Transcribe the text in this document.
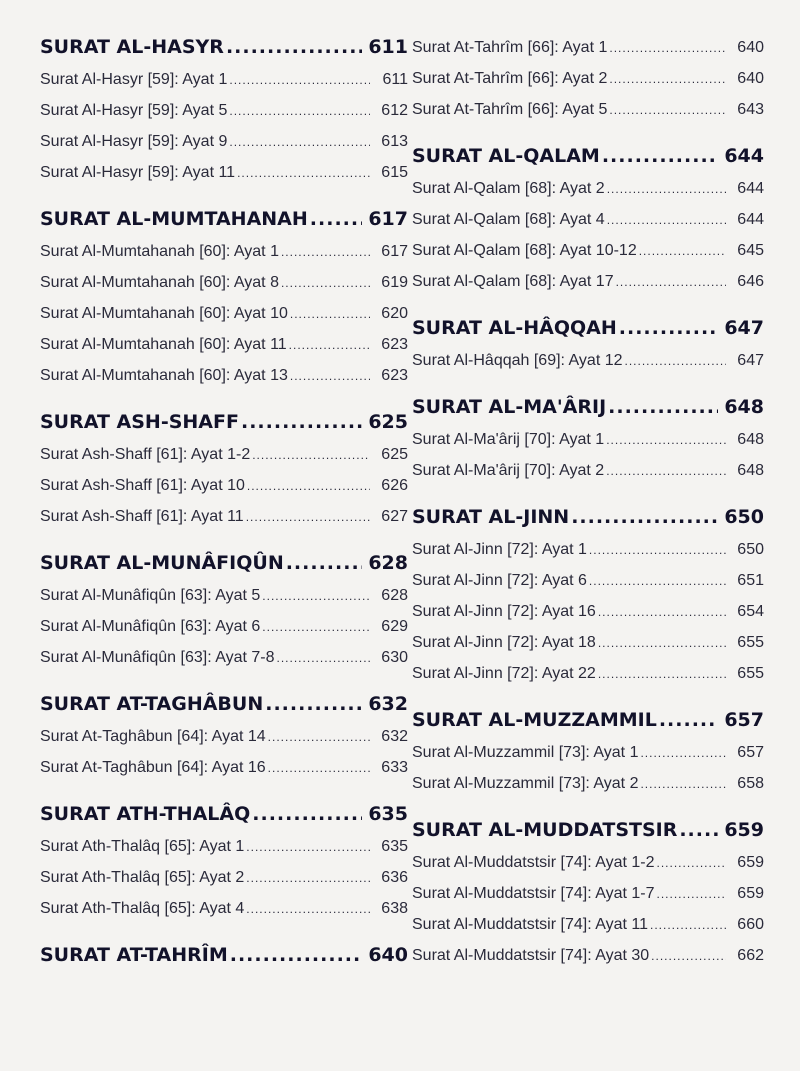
SURAT AL-HASYR .....	611
Surat Al-Hasyr [59]: Ayat 1 .....	611
Surat Al-Hasyr [59]: Ayat 5 .....	612
Surat Al-Hasyr [59]: Ayat 9 .....	613
Surat Al-Hasyr [59]: Ayat 11 .....	615
SURAT AL-MUMTAHANAH .....	617
Surat Al-Mumtahanah [60]: Ayat 1 .....	617
Surat Al-Mumtahanah [60]: Ayat 8 .....	619
Surat Al-Mumtahanah [60]: Ayat 10 .....	620
Surat Al-Mumtahanah [60]: Ayat 11 .....	623
Surat Al-Mumtahanah [60]: Ayat 13 .....	623
SURAT ASH-SHAFF .....	625
Surat Ash-Shaff [61]: Ayat 1-2 .....	625
Surat Ash-Shaff [61]: Ayat 10 .....	626
Surat Ash-Shaff [61]: Ayat 11 .....	627
SURAT AL-MUNÂFIQÛN .....	628
Surat Al-Munâfiqûn [63]: Ayat 5 .....	628
Surat Al-Munâfiqûn [63]: Ayat 6 .....	629
Surat Al-Munâfiqûn [63]: Ayat 7-8 .....	630
SURAT AT-TAGHÂBUN .....	632
Surat At-Taghâbun [64]: Ayat 14 .....	632
Surat At-Taghâbun [64]: Ayat 16 .....	633
SURAT ATH-THALÂQ .....	635
Surat Ath-Thalâq [65]: Ayat 1 .....	635
Surat Ath-Thalâq [65]: Ayat 2 .....	636
Surat Ath-Thalâq [65]: Ayat 4 .....	638
SURAT AT-TAHRÎM .....	640
Surat At-Tahrîm [66]: Ayat 1 .....	640
Surat At-Tahrîm [66]: Ayat 2 .....	640
Surat At-Tahrîm [66]: Ayat 5 .....	643
SURAT AL-QALAM .....	644
Surat Al-Qalam [68]: Ayat 2 .....	644
Surat Al-Qalam [68]: Ayat 4 .....	644
Surat Al-Qalam [68]: Ayat 10-12 .....	645
Surat Al-Qalam [68]: Ayat 17 .....	646
SURAT AL-HÂQQAH .....	647
Surat Al-Hâqqah [69]: Ayat 12 .....	647
SURAT AL-MA'ÂRIJ .....	648
Surat Al-Ma'ârij [70]: Ayat 1 .....	648
Surat Al-Ma'ârij [70]: Ayat 2 .....	648
SURAT AL-JINN .....	650
Surat Al-Jinn [72]: Ayat 1 .....	650
Surat Al-Jinn [72]: Ayat 6 .....	651
Surat Al-Jinn [72]: Ayat 16 .....	654
Surat Al-Jinn [72]: Ayat 18 .....	655
Surat Al-Jinn [72]: Ayat 22 .....	655
SURAT AL-MUZZAMMIL .....	657
Surat Al-Muzzammil [73]: Ayat 1 .....	657
Surat Al-Muzzammil [73]: Ayat 2 .....	658
SURAT AL-MUDDATSTSIR ..... 659
Surat Al-Muddatstsir [74]: Ayat 1-2 .....	659
Surat Al-Muddatstsir [74]: Ayat 1-7 .....	659
Surat Al-Muddatstsir [74]: Ayat 11 .....	660
Surat Al-Muddatstsir [74]: Ayat 30 .....	662
